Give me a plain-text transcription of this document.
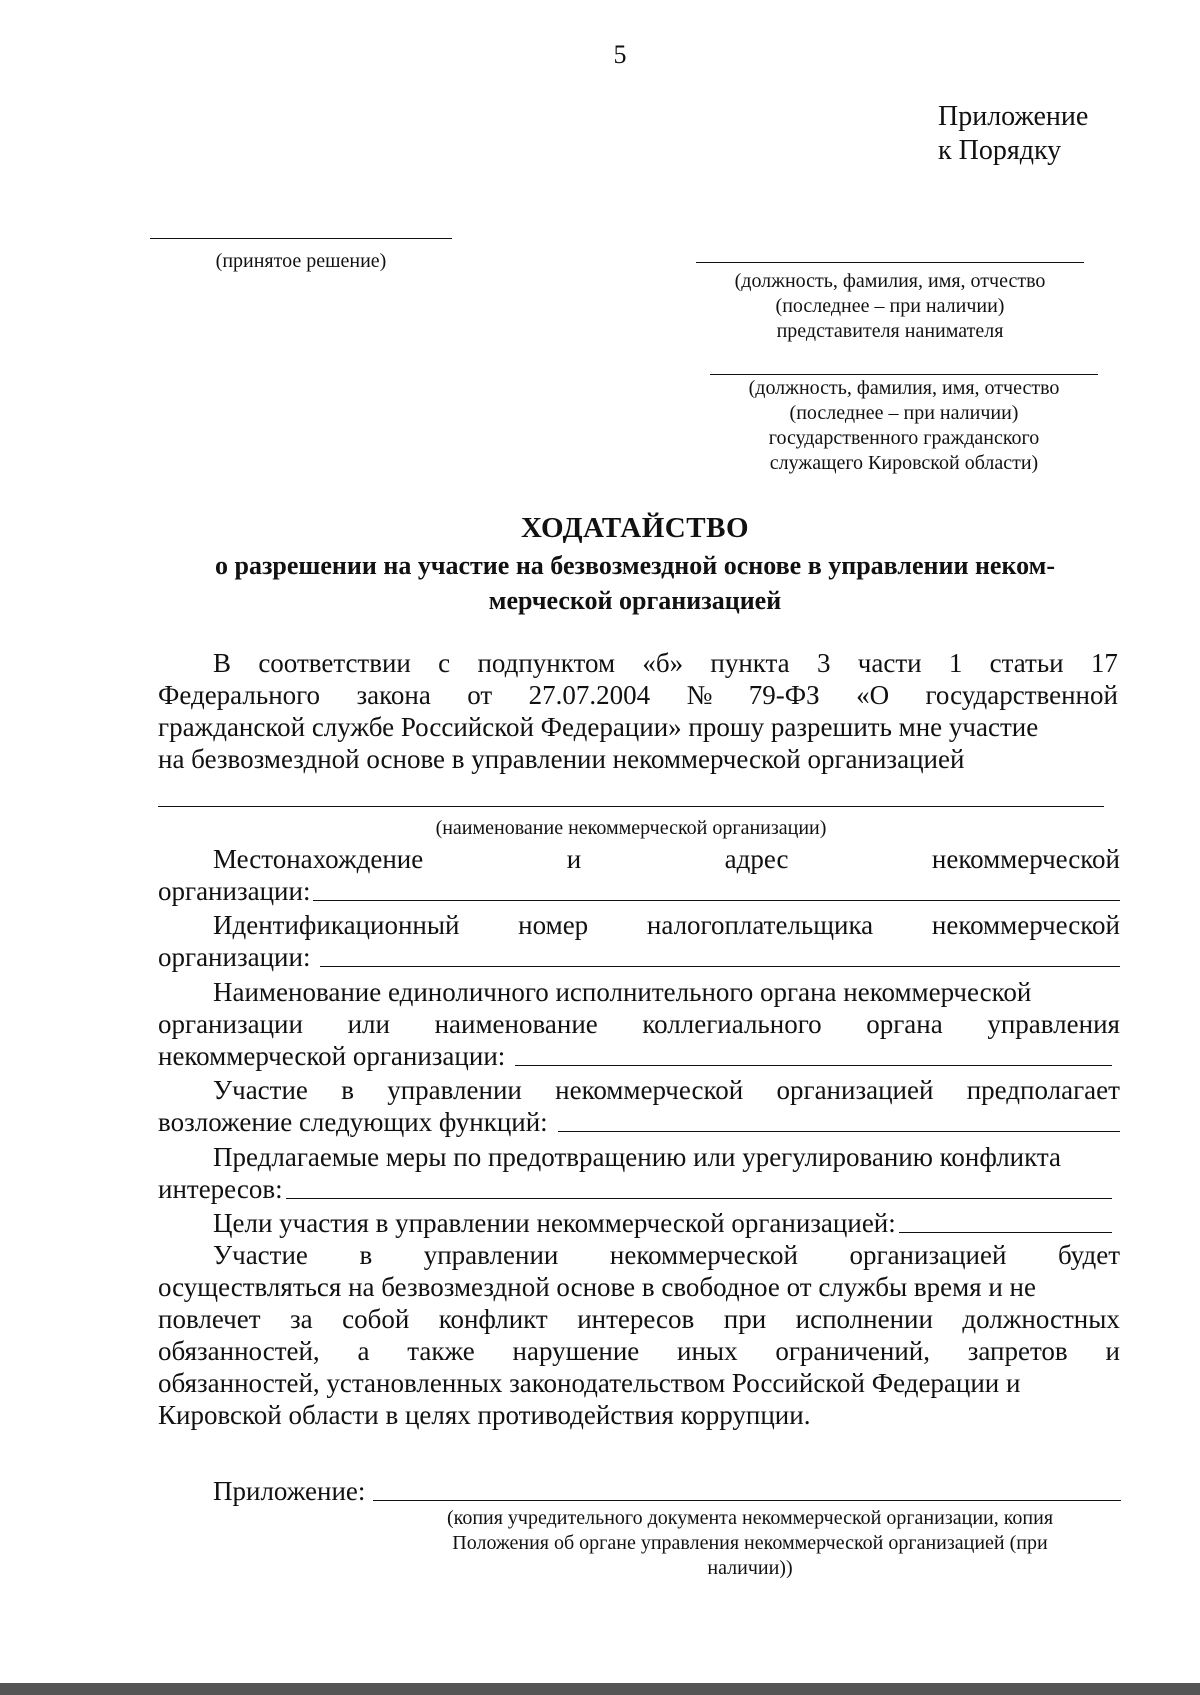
5
Приложение
к Порядку
(принятое решение)
(должность, фамилия, имя, отчество
(последнее – при наличии)
представителя нанимателя
(должность, фамилия, имя, отчество
(последнее – при наличии)
государственного гражданского
служащего Кировской области)
ХОДАТАЙСТВО
о разрешении на участие на безвозмездной основе в управлении неком-
мерческой организацией
В соответствии с подпунктом «б» пункта 3 части 1 статьи 17
Федерального закона от 27.07.2004 № 79-ФЗ «О государственной
гражданской службе Российской Федерации» прошу разрешить мне участие
на безвозмездной основе в управлении некоммерческой организацией
(наименование некоммерческой организации)
Местонахождение	и	адрес	некоммерческой
организации:
Идентификационный номер налогоплательщика некоммерческой
организации:
Наименование единоличного исполнительного органа некоммерческой
организации или наименование коллегиального органа управления
некоммерческой организации:
Участие в управлении некоммерческой организацией предполагает
возложение следующих функций:
Предлагаемые меры по предотвращению или урегулированию конфликта
интересов:
Цели участия в управлении некоммерческой организацией:
Участие в управлении некоммерческой организацией будет
осуществляться на безвозмездной основе в свободное от службы время и не
повлечет за собой конфликт интересов при исполнении должностных
обязанностей, а также нарушение иных ограничений, запретов и
обязанностей, установленных законодательством Российской Федерации и
Кировской области в целях противодействия коррупции.
Приложение:
(копия учредительного документа некоммерческой организации, копия
Положения об органе управления некоммерческой организацией (при
наличии))
